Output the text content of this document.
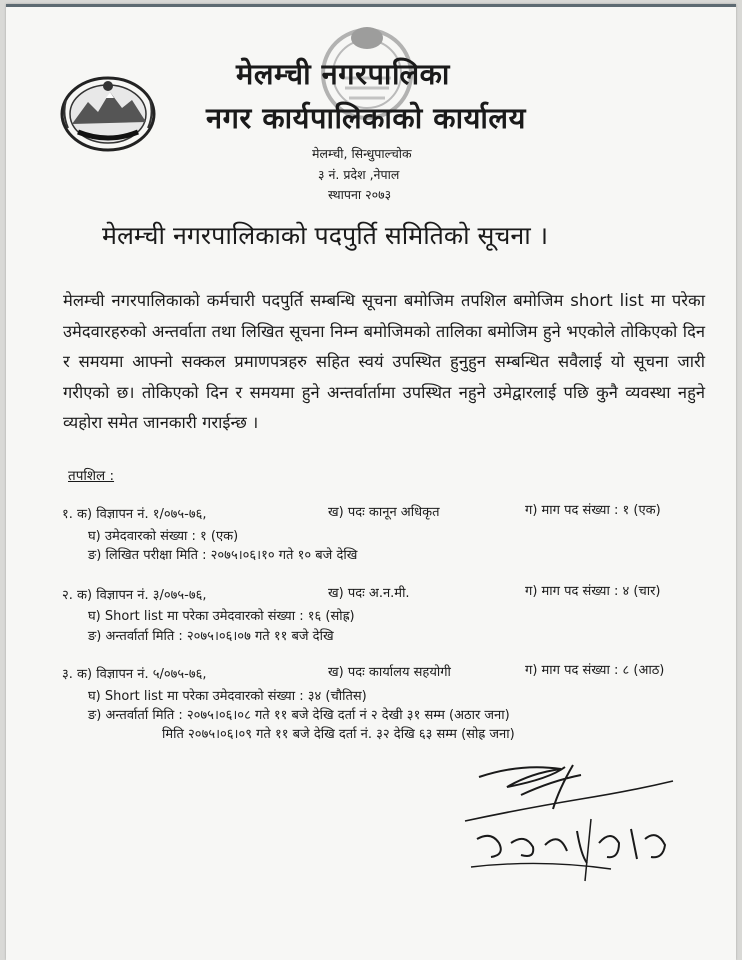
मेलम्ची नगरपालिका
नगर कार्यपालिकाको कार्यालय
मेलम्ची, सिन्धुपाल्चोक
३ नं. प्रदेश ,नेपाल
स्थापना २०७३
मेलम्ची नगरपालिकाको पदपुर्ति समितिको सूचना ।
मेलम्ची नगरपालिकाको कर्मचारी पदपुर्ति सम्बन्धि सूचना बमोजिम तपशिल बमोजिम short list मा परेका उमेदवारहरुको अन्तर्वाता तथा लिखित सूचना निम्न बमोजिमको तालिका बमोजिम हुने भएकोले तोकिएको दिन र समयमा आफ्नो सक्कल प्रमाणपत्रहरु सहित स्वयं उपस्थित हुनुहुन सम्बन्धित सवैलाई यो सूचना जारी गरीएको छ। तोकिएको दिन र समयमा हुने अन्तर्वार्तामा उपस्थित नहुने उमेद्वारलाई पछि कुनै व्यवस्था नहुने व्यहोरा समेत जानकारी गराईन्छ ।
तपशिल :
१. क) विज्ञापन नं. १/०७५-७६,	ख) पदः कानून अधिकृत	ग) माग पद संख्या : १ (एक)
घ) उमेदवारको संख्या : १ (एक)
ङ) लिखित परीक्षा मिति : २०७५।०६।१० गते १० बजे देखि
२. क) विज्ञापन नं. ३/०७५-७६,	ख) पदः अ.न.मी.	ग) माग पद संख्या : ४ (चार)
घ) Short list मा परेका उमेदवारको संख्या : १६ (सोह्र)
ङ) अन्तर्वार्ता मिति : २०७५।०६।०७ गते ११ बजे देखि
३. क) विज्ञापन नं. ५/०७५-७६,	ख) पदः कार्यालय सहयोगी	ग) माग पद संख्या : ८ (आठ)
घ) Short list मा परेका उमेदवारको संख्या : ३४ (चौतिस)
ङ) अन्तर्वार्ता मिति : २०७५।०६।०८ गते ११ बजे देखि दर्ता नं २ देखी ३१ सम्म (अठार जना)
मिति २०७५।०६।०९ गते ११ बजे देखि दर्ता नं. ३२ देखि ६३ सम्म (सोह्र जना)
